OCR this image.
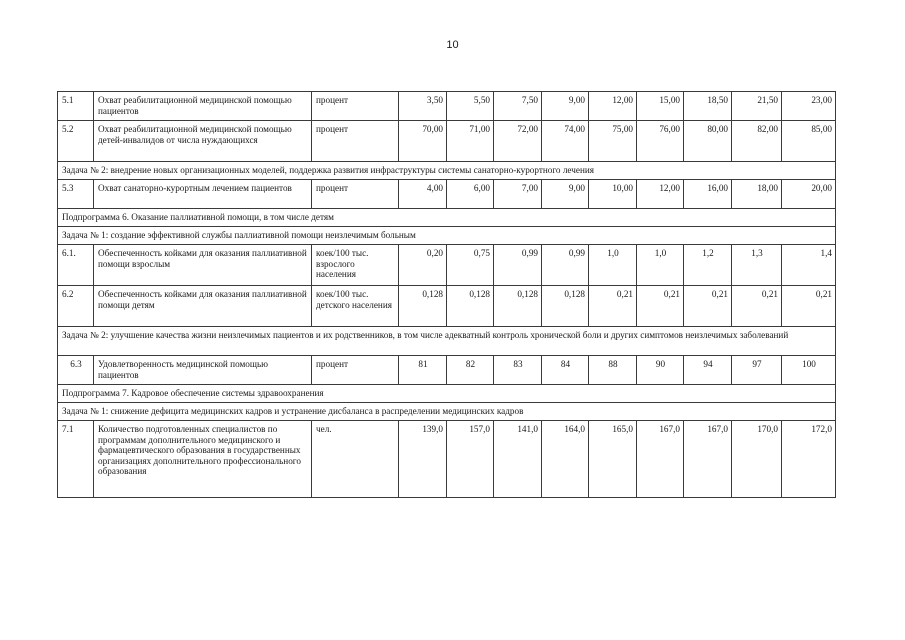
10
5.1	Охват реабилитационной медицинской помощью пациентов	процент	3,50	5,50	7,50	9,00	12,00	15,00	18,50	21,50	23,00
5.2	Охват реабилитационной медицинской помощью детей-инвалидов от числа нуждающихся	процент	70,00	71,00	72,00	74,00	75,00	76,00	80,00	82,00	85,00
Задача № 2: внедрение новых организационных моделей, поддержка развития инфраструктуры системы санаторно-курортного лечения											
5.3	Охват санаторно-курортным лечением пациентов	процент	4,00	6,00	7,00	9,00	10,00	12,00	16,00	18,00	20,00
Подпрограмма 6. Оказание паллиативной помощи, в том числе детям											
Задача № 1: создание эффективной службы паллиативной помощи неизлечимым больным											
6.1.	Обеспеченность койками для оказания паллиативной помощи взрослым	коек/100 тыс. взрослого населения	0,20	0,75	0,99	0,99	1,0	1,0	1,2	1,3	1,4
6.2	Обеспеченность койками для оказания паллиативной помощи детям	коек/100 тыс. детского населения	0,128	0,128	0,128	0,128	0,21	0,21	0,21	0,21	0,21
Задача № 2: улучшение качества жизни неизлечимых пациентов и их родственников, в том числе адекватный контроль хронической боли и других симптомов неизлечимых заболеваний											
6.3	Удовлетворенность медицинской помощью пациентов	процент	81	82	83	84	88	90	94	97	100
Подпрограмма 7. Кадровое обеспечение системы здравоохранения											
Задача № 1: снижение дефицита медицинских кадров и устранение дисбаланса в распределении медицинских кадров											
7.1	Количество подготовленных специалистов по программам дополнительного медицинского и фармацевтического образования в государственных организациях дополнительного профессионального образования	чел.	139,0	157,0	141,0	164,0	165,0	167,0	167,0	170,0	172,0
